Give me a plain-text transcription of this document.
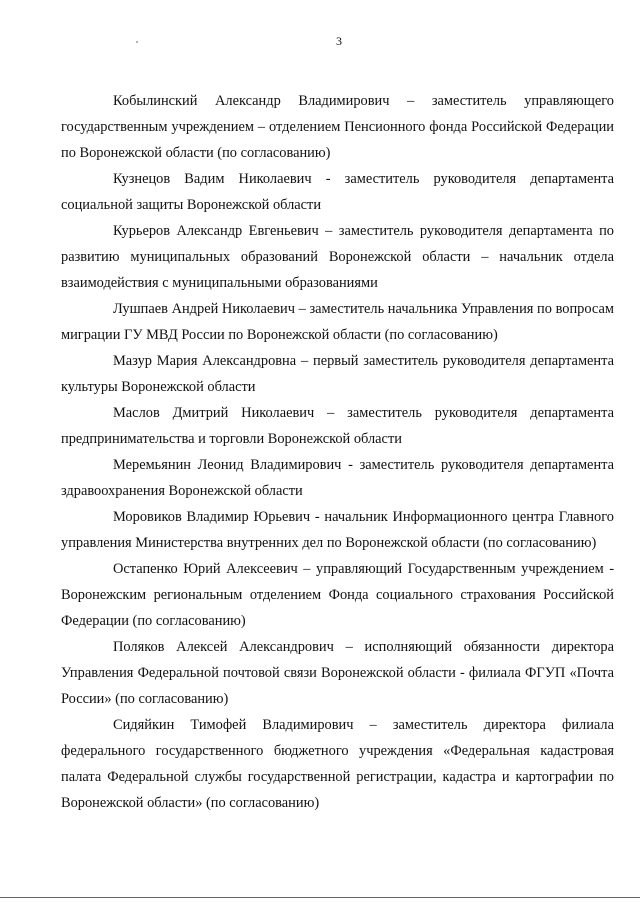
3

Кобылинский Александр Владимирович – заместитель управляющего государственным учреждением – отделением Пенсионного фонда Российской Федерации по Воронежской области (по согласованию)

Кузнецов Вадим Николаевич - заместитель руководителя департамента социальной защиты Воронежской области

Курьеров Александр Евгеньевич – заместитель руководителя департамента по развитию муниципальных образований Воронежской области – начальник отдела взаимодействия с муниципальными образованиями

Лушпаев Андрей Николаевич – заместитель начальника Управления по вопросам миграции ГУ МВД России по Воронежской области (по согласованию)

Мазур Мария Александровна – первый заместитель руководителя департамента культуры Воронежской области

Маслов Дмитрий Николаевич – заместитель руководителя департамента предпринимательства и торговли Воронежской области

Меремьянин Леонид Владимирович - заместитель руководителя департамента здравоохранения Воронежской области

Моровиков Владимир Юрьевич - начальник Информационного центра Главного управления Министерства внутренних дел по Воронежской области (по согласованию)

Остапенко Юрий Алексеевич – управляющий Государственным учреждением - Воронежским региональным отделением Фонда социального страхования Российской Федерации (по согласованию)

Поляков Алексей Александрович – исполняющий обязанности директора Управления Федеральной почтовой связи Воронежской области - филиала ФГУП «Почта России» (по согласованию)

Сидяйкин Тимофей Владимирович – заместитель директора филиала федерального государственного бюджетного учреждения «Федеральная кадастровая палата Федеральной службы государственной регистрации, кадастра и картографии по Воронежской области» (по согласованию)
